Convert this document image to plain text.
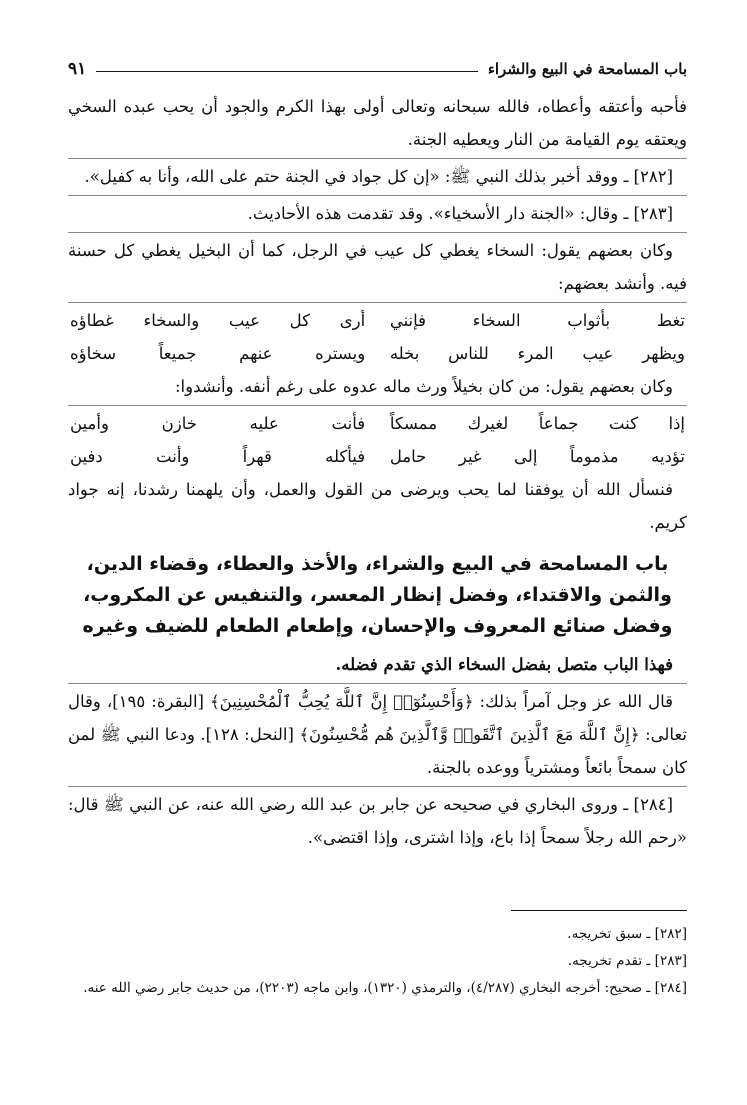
باب المسامحة في البيع والشراء
٩١

فأحبه وأعتقه وأعطاه، فالله سبحانه وتعالى أولى بهذا الكرم والجود أن يحب عبده السخي ويعتقه يوم القيامة من النار ويعطيه الجنة.

[٢٨٢] ـ ووقد أخبر بذلك النبي ﷺ: «إن كل جواد في الجنة حتم على الله، وأنا به كفيل».

[٢٨٣] ـ وقال: «الجنة دار الأسخياء». وقد تقدمت هذه الأحاديث.

وكان بعضهم يقول: السخاء يغطي كل عيب في الرجل، كما أن البخيل يغطي كل حسنة فيه. وأنشد بعضهم:

تغط بأثواب السخاء فإنني
أرى كل عيب والسخاء غطاؤه
ويظهر عيب المرء للناس بخله
ويستره عنهم جميعاً سخاؤه

وكان بعضهم يقول: من كان بخيلاً ورث ماله عدوه على رغم أنفه. وأنشدوا:

إذا كنت جماعاً لغيرك ممسكاً
فأنت عليه خازن وأمين
تؤديه مذموماً إلى غير حامل
فيأكله قهراً وأنت دفين

فنسأل الله أن يوفقنا لما يحب ويرضى من القول والعمل، وأن يلهمنا رشدنا، إنه جواد كريم.

باب المسامحة في البيع والشراء، والأخذ والعطاء، وقضاء الدين، والثمن والاقتداء، وفضل إنظار المعسر، والتنفيس عن المكروب، وفضل صنائع المعروف والإحسان، وإطعام الطعام للضيف وغيره

فهذا الباب متصل بفضل السخاء الذي تقدم فضله.

قال الله عز وجل آمراً بذلك: ﴿وَأَحْسِنُوٓا۟ إِنَّ ٱللَّهَ يُحِبُّ ٱلْمُحْسِنِينَ﴾ [البقرة: ١٩٥]، وقال تعالى: ﴿إِنَّ ٱللَّهَ مَعَ ٱلَّذِينَ ٱتَّقَوا۟ وَّٱلَّذِينَ هُم مُّحْسِنُونَ﴾ [النحل: ١٢٨]. ودعا النبي ﷺ لمن كان سمحاً بائعاً ومشترياً ووعده بالجنة.

[٢٨٤] ـ وروى البخاري في صحيحه عن جابر بن عبد الله رضي الله عنه، عن النبي ﷺ قال: «رحم الله رجلاً سمحاً إذا باع، وإذا اشترى، وإذا اقتضى».

[٢٨٢] ـ سبق تخريجه.

[٢٨٣] ـ تقدم تخريجه.

[٢٨٤] ـ صحيح: أخرجه البخاري (٤/٢٨٧)، والترمذي (١٣٢٠)، وابن ماجه (٢٢٠٣)، من حديث جابر رضي الله عنه.
